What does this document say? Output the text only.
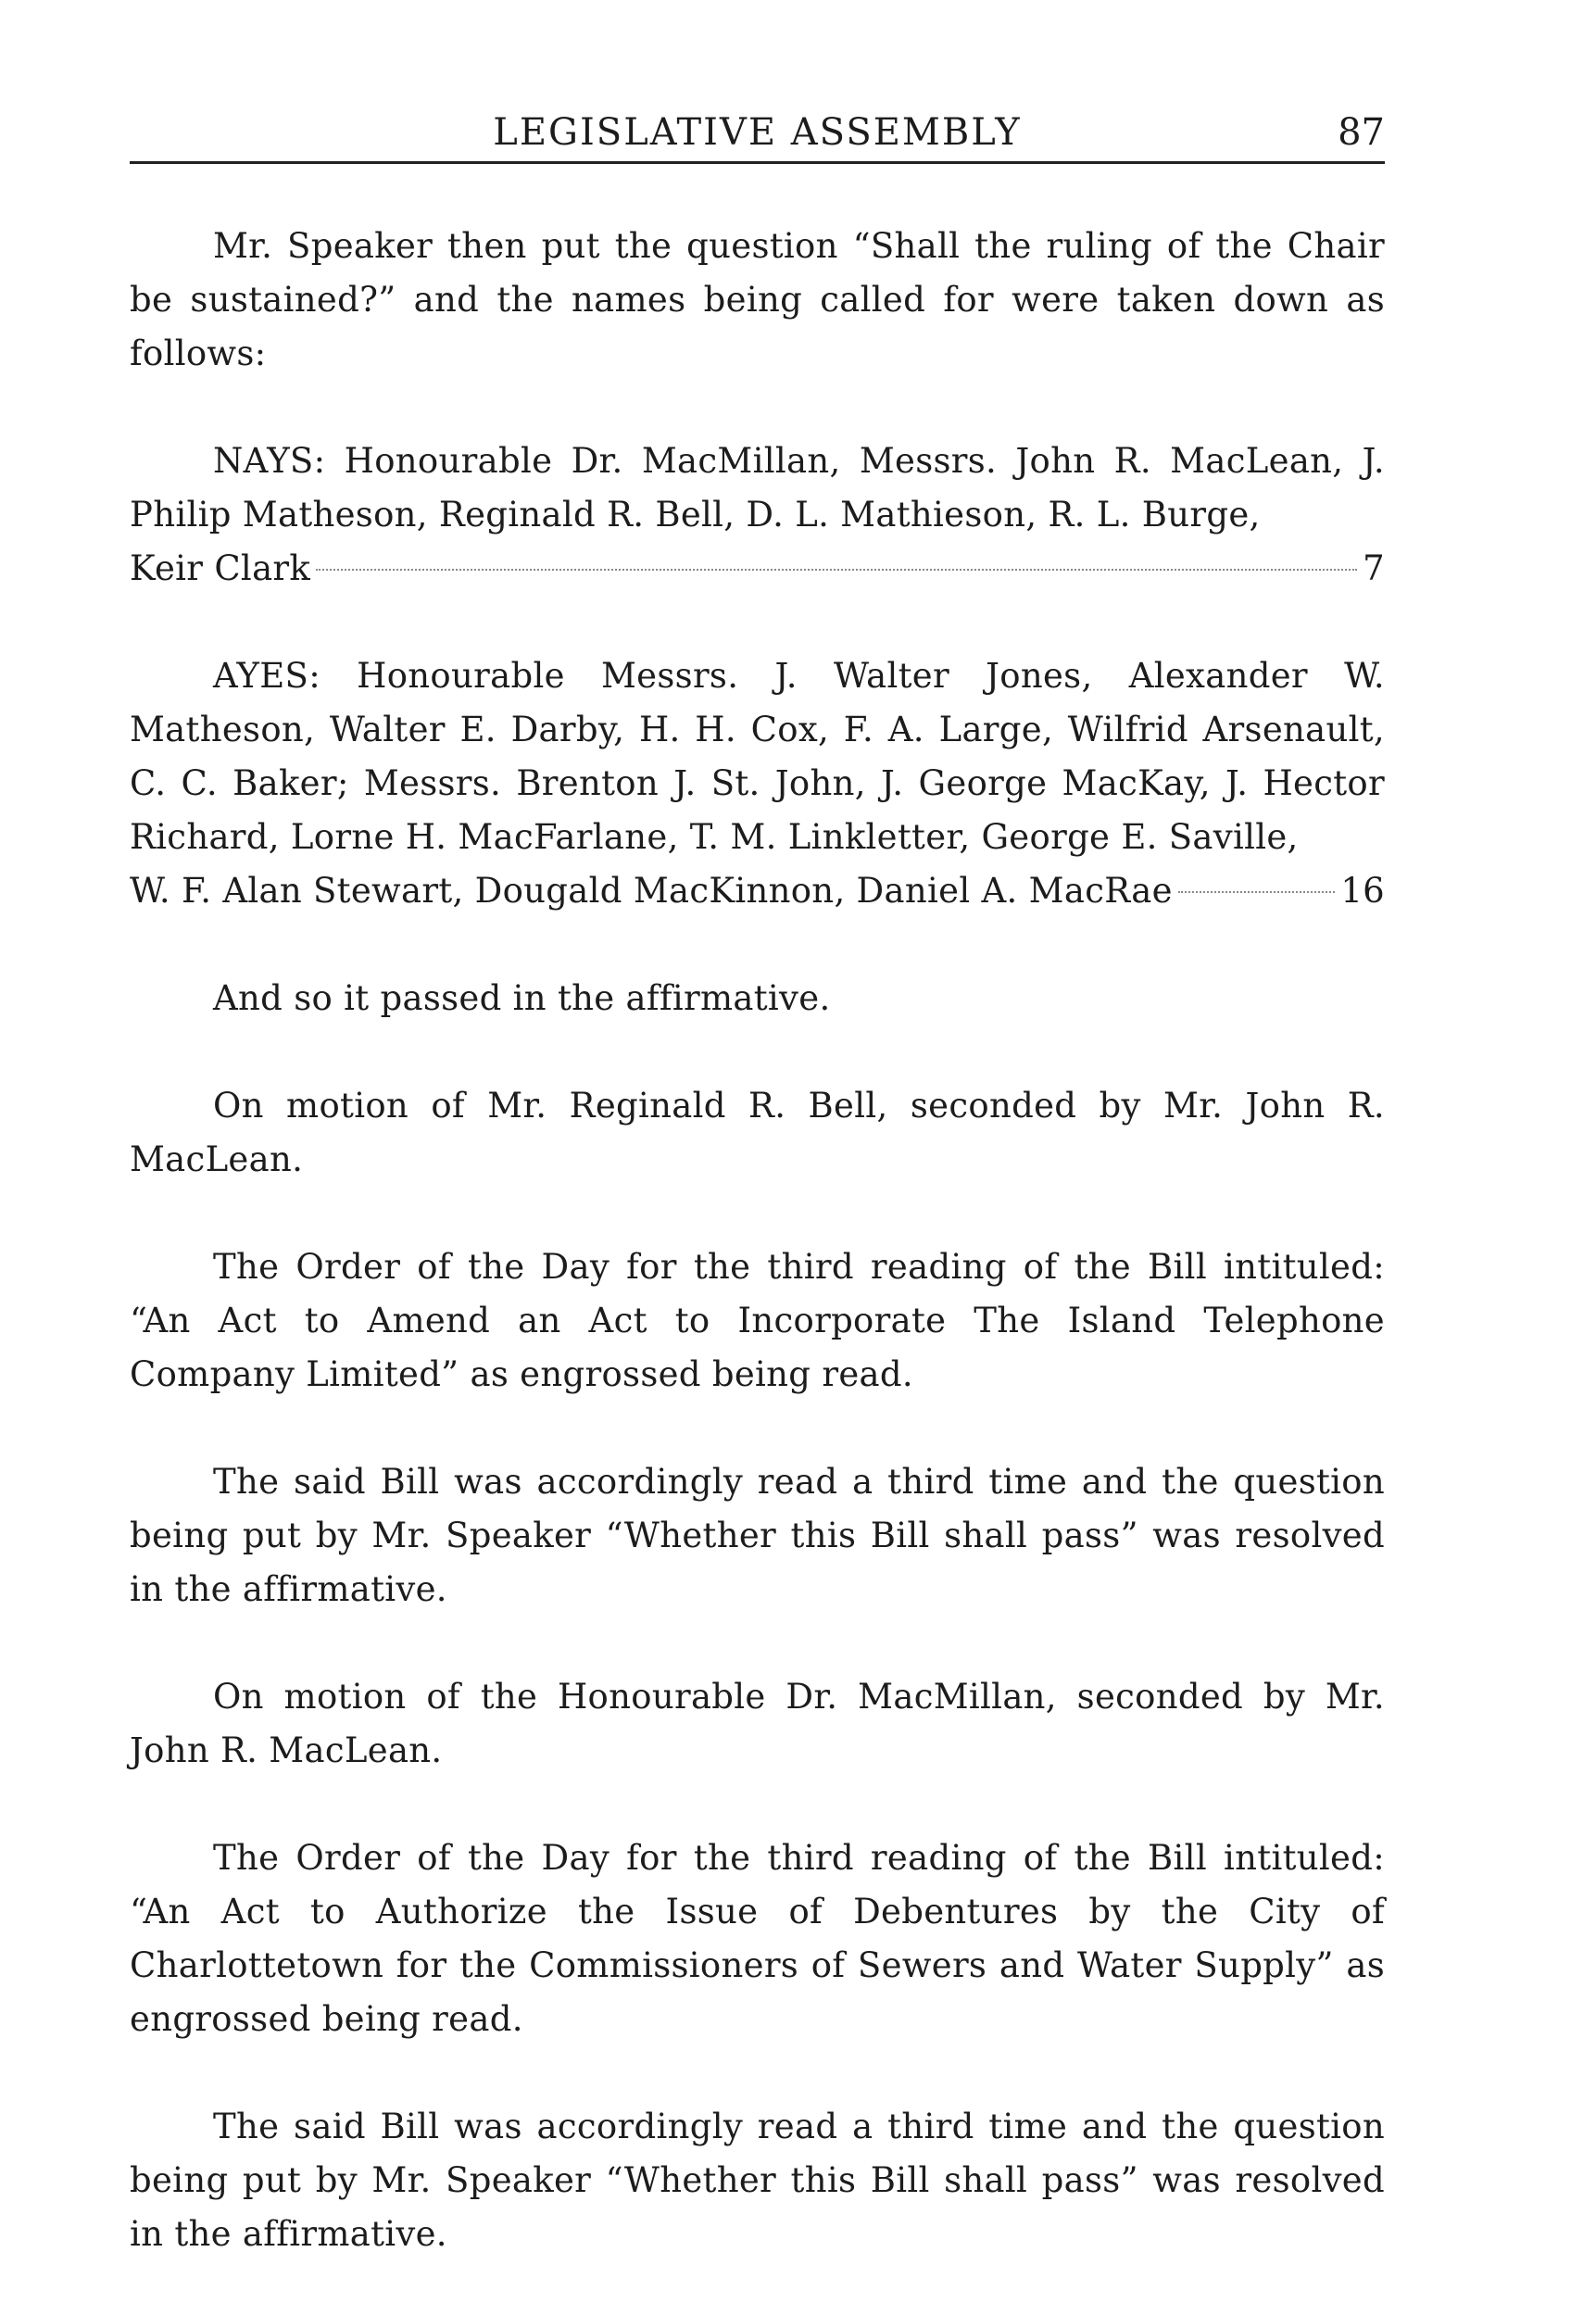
LEGISLATIVE ASSEMBLY	87

Mr. Speaker then put the question “Shall the ruling of the Chair be sustained?” and the names being called for were taken down as follows:

NAYS: Honourable Dr. MacMillan, Messrs. John R. MacLean, J. Philip Matheson, Reginald R. Bell, D. L. Mathieson, R. L. Burge,
Keir Clark	7
AYES: Honourable Messrs. J. Walter Jones, Alexander W. Matheson, Walter E. Darby, H. H. Cox, F. A. Large, Wilfrid Arsenault, C. C. Baker; Messrs. Brenton J. St. John, J. George MacKay, J. Hector Richard, Lorne H. MacFarlane, T. M. Linkletter, George E. Saville,
W. F. Alan Stewart, Dougald MacKinnon, Daniel A. MacRae	16

And so it passed in the affirmative.

On motion of Mr. Reginald R. Bell, seconded by Mr. John R. MacLean.

The Order of the Day for the third reading of the Bill intituled: “An Act to Amend an Act to Incorporate The Island Telephone Company Limited” as engrossed being read.

The said Bill was accordingly read a third time and the question being put by Mr. Speaker “Whether this Bill shall pass” was resolved in the affirmative.

On motion of the Honourable Dr. MacMillan, seconded by Mr. John R. MacLean.

The Order of the Day for the third reading of the Bill intituled: “An Act to Authorize the Issue of Debentures by the City of Charlottetown for the Commissioners of Sewers and Water Supply” as engrossed being read.

The said Bill was accordingly read a third time and the question being put by Mr. Speaker “Whether this Bill shall pass” was resolved in the affirmative.
